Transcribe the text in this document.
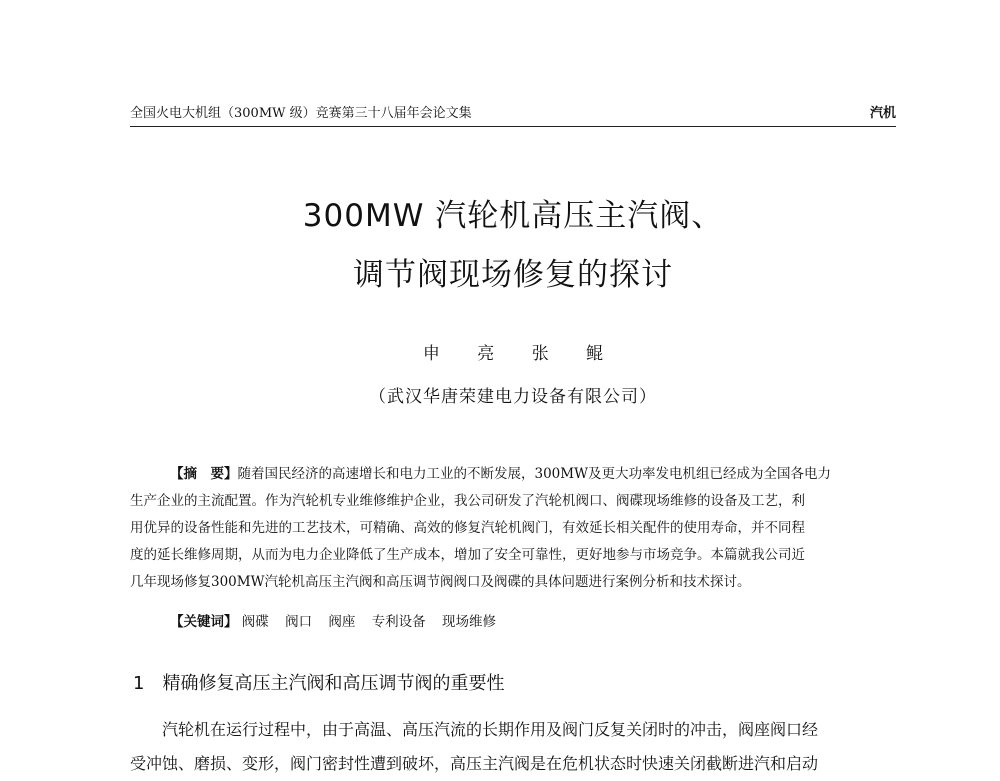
全国火电大机组（300MW 级）竞赛第三十八届年会论文集	汽机
300MW 汽轮机高压主汽阀、
调节阀现场修复的探讨
申 亮 张 鲲
（武汉华唐荣建电力设备有限公司）
【摘　要】随着国民经济的高速增长和电力工业的不断发展，300MW及更大功率发电机组已经成为全国各电力
生产企业的主流配置。作为汽轮机专业维修维护企业，我公司研发了汽轮机阀口、阀碟现场维修的设备及工艺，利
用优异的设备性能和先进的工艺技术，可精确、高效的修复汽轮机阀门，有效延长相关配件的使用寿命，并不同程
度的延长维修周期，从而为电力企业降低了生产成本，增加了安全可靠性，更好地参与市场竞争。本篇就我公司近
几年现场修复300MW汽轮机高压主汽阀和高压调节阀阀口及阀碟的具体问题进行案例分析和技术探讨。
【关键词】 阀碟 阀口 阀座 专利设备 现场维修
1 精确修复高压主汽阀和高压调节阀的重要性
汽轮机在运行过程中，由于高温、高压汽流的长期作用及阀门反复关闭时的冲击，阀座阀口经
受冲蚀、磨损、变形，阀门密封性遭到破坏，高压主汽阀是在危机状态时快速关闭截断进汽和启动
